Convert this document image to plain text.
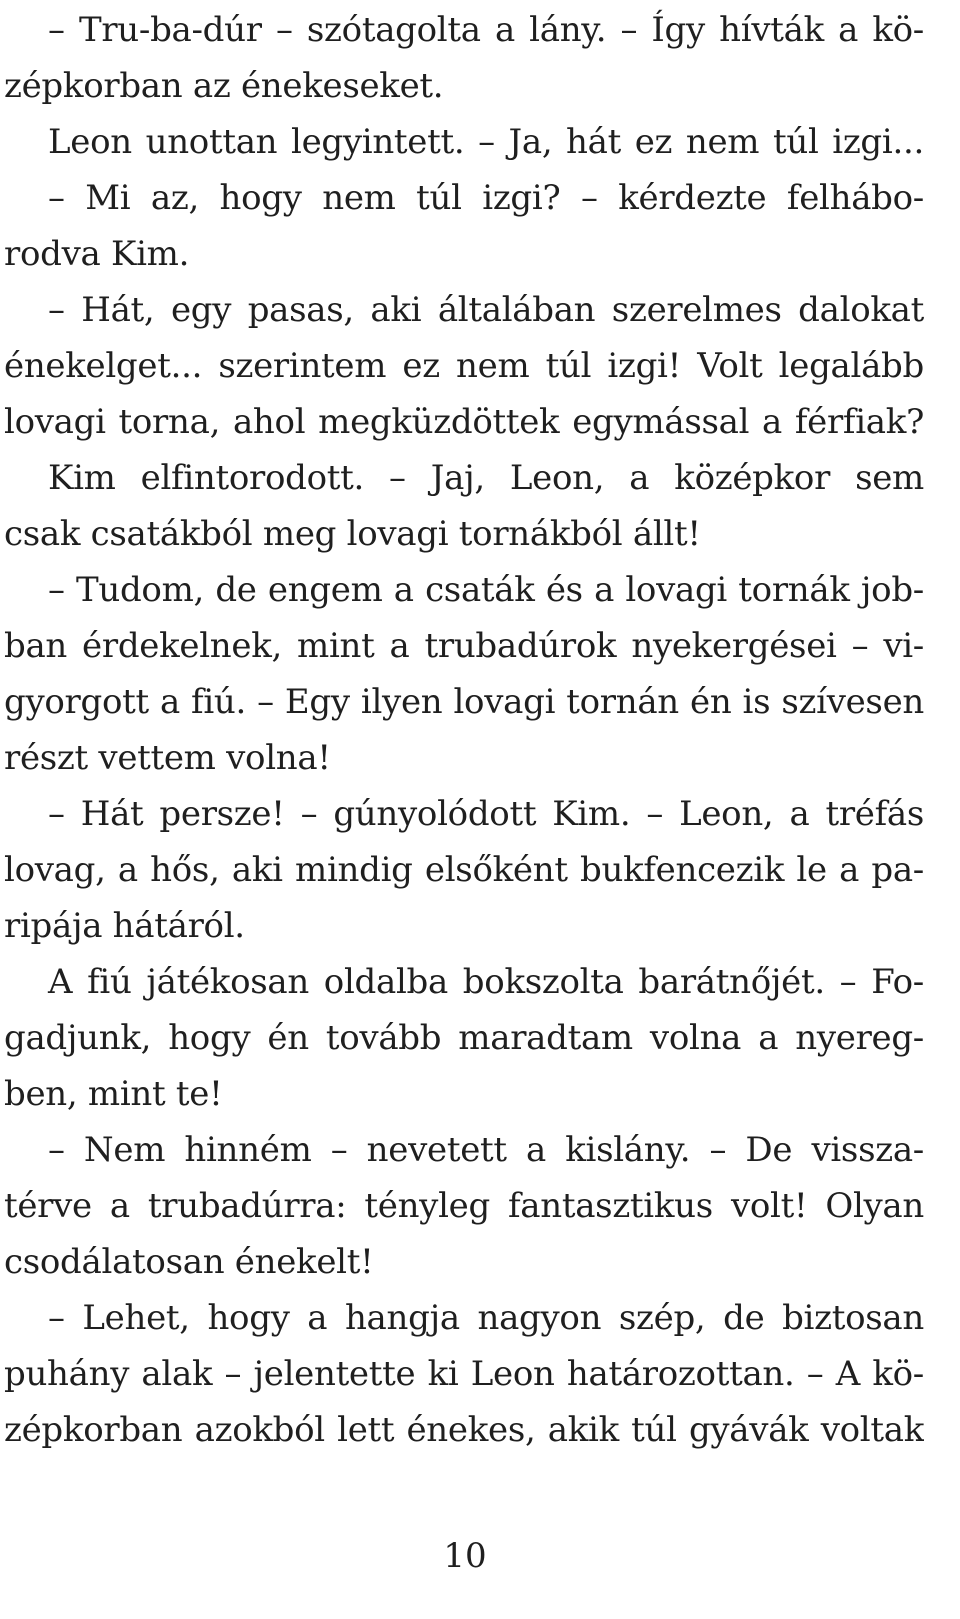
– Tru-ba-dúr – szótagolta a lány. – Így hívták a kö-
zépkorban az énekeseket.
Leon unottan legyintett. – Ja, hát ez nem túl izgi...
– Mi az, hogy nem túl izgi? – kérdezte felhábo-
rodva Kim.
– Hát, egy pasas, aki általában szerelmes dalokat
énekelget... szerintem ez nem túl izgi! Volt legalább
lovagi torna, ahol megküzdöttek egymással a férfiak?
Kim elfintorodott. – Jaj, Leon, a középkor sem
csak csatákból meg lovagi tornákból állt!
– Tudom, de engem a csaták és a lovagi tornák job-
ban érdekelnek, mint a trubadúrok nyekergései – vi-
gyorgott a fiú. – Egy ilyen lovagi tornán én is szívesen
részt vettem volna!
– Hát persze! – gúnyolódott Kim. – Leon, a tréfás
lovag, a hős, aki mindig elsőként bukfencezik le a pa-
ripája hátáról.
A fiú játékosan oldalba bokszolta barátnőjét. – Fo-
gadjunk, hogy én tovább maradtam volna a nyereg-
ben, mint te!
– Nem hinném – nevetett a kislány. – De vissza-
térve a trubadúrra: tényleg fantasztikus volt! Olyan
csodálatosan énekelt!
– Lehet, hogy a hangja nagyon szép, de biztosan
puhány alak – jelentette ki Leon határozottan. – A kö-
zépkorban azokból lett énekes, akik túl gyávák voltak
10
